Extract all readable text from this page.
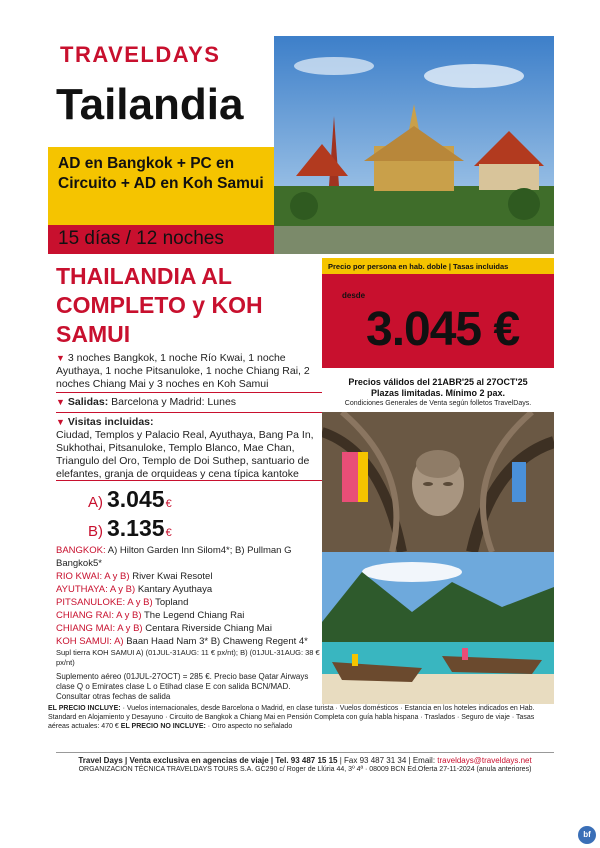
TRAVELDAYS
Tailandia
AD en Bangkok + PC en Circuito + AD en Koh Samui
15 días / 12 noches
THAILANDIA AL COMPLETO y KOH SAMUI
▼ 3 noches Bangkok, 1 noche Río Kwai, 1 noche Ayuthaya, 1 noche Pitsanuloke, 1 noche Chiang Rai, 2 noches Chiang Mai y 3 noches en Koh Samui
▼ Salidas: Barcelona y Madrid: Lunes
▼ Visitas incluidas:
Ciudad, Templos y Palacio Real, Ayuthaya, Bang Pa In, Sukhothai, Pitsanuloke, Templo Blanco, Mae Chan, Triangulo del Oro, Templo de Doi Suthep, santuario de elefantes, granja de orquideas y cena típica kantoke
A) 3.045 €
B) 3.135 €
BANGKOK: A) Hilton Garden Inn Silom4*; B) Pullman G Bangkok5*
RIO KWAI: A y B) River Kwai Resotel
AYUTHAYA: A y B) Kantary Ayuthaya
PITSANULOKE: A y B) Topland
CHIANG RAI: A y B) The Legend Chiang Rai
CHIANG MAI: A y B) Centara Riverside Chiang Mai
KOH SAMUI: A) Baan Haad Nam 3* B) Chaweng Regent 4*
Supl tierra KOH SAMUI A) (01JUL-31AUG: 11 € px/nt); B) (01JUL-31AUG: 38 € px/nt)
Suplemento aéreo (01JUL-27OCT) = 285 €. Precio base Qatar Airways clase Q o Emirates clase L o Etihad clase E con salida BCN/MAD. Consultar otras fechas de salida
Precio por persona en hab. doble | Tasas incluidas
desde
3.045 €
Precios válidos del 21ABR'25 al 27OCT'25
Plazas limitadas. Mínimo 2 pax.
Condiciones Generales de Venta según folletos TravelDays.
EL PRECIO INCLUYE: · Vuelos internacionales, desde Barcelona o Madrid, en clase turista · Vuelos domésticos · Estancia en los hoteles indicados en Hab. Standard en Alojamiento y Desayuno · Circuito de Bangkok a Chiang Mai en Pensión Completa con guía habla hispana · Traslados · Seguro de viaje · Tasas aéreas actuales: 470 € EL PRECIO NO INCLUYE: · Otro aspecto no señalado
Travel Days | Venta exclusiva en agencias de viaje | Tel. 93 487 15 15 | Fax 93 487 31 34 | Email: traveldays@traveldays.net
ORGANIZACIÓN TÉCNICA TRAVELDAYS TOURS S.A. GC290 c/ Roger de Llúria 44, 3º 4ª · 08009 BCN Ed.Oferta 27-11-2024 (anula anteriores)
bf
